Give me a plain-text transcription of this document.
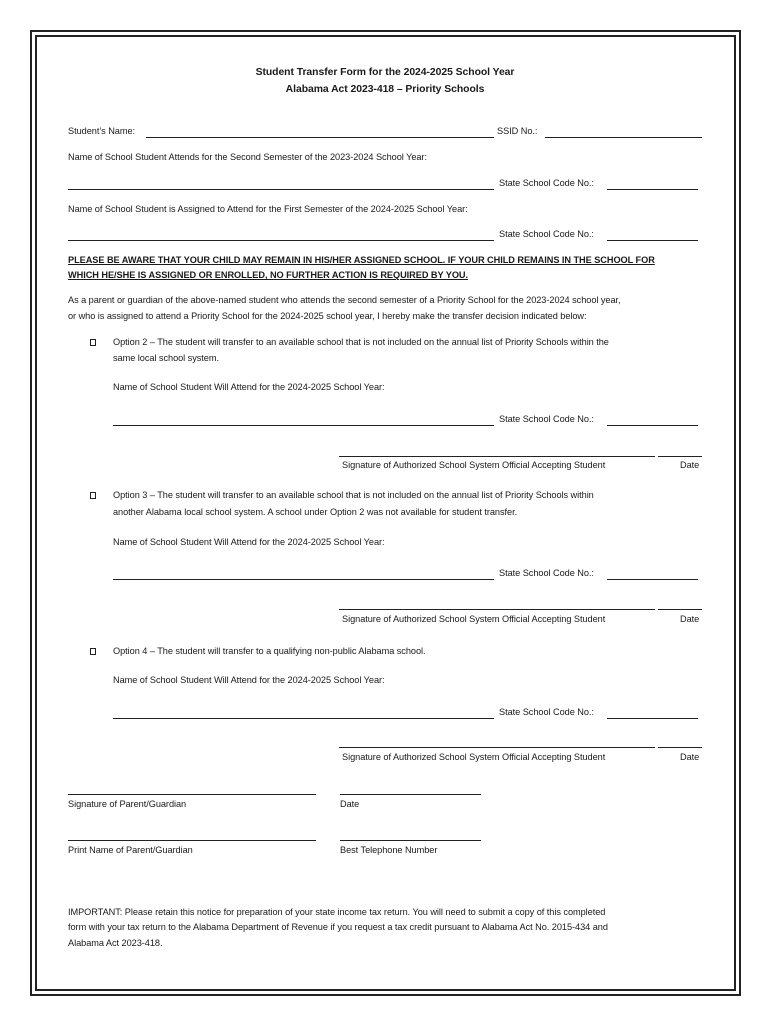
Student Transfer Form for the 2024-2025 School Year
Alabama Act 2023-418 – Priority Schools
Student’s Name:	SSID No.:
Name of School Student Attends for the Second Semester of the 2023-2024 School Year:
State School Code No.:
Name of School Student is Assigned to Attend for the First Semester of the 2024-2025 School Year:
State School Code No.:
PLEASE BE AWARE THAT YOUR CHILD MAY REMAIN IN HIS/HER ASSIGNED SCHOOL. IF YOUR CHILD REMAINS IN THE SCHOOL FOR
WHICH HE/SHE IS ASSIGNED OR ENROLLED, NO FURTHER ACTION IS REQUIRED BY YOU.
As a parent or guardian of the above-named student who attends the second semester of a Priority School for the 2023-2024 school year,
or who is assigned to attend a Priority School for the 2024-2025 school year, I hereby make the transfer decision indicated below:
Option 2 – The student will transfer to an available school that is not included on the annual list of Priority Schools within the
same local school system.
Name of School Student Will Attend for the 2024-2025 School Year:
State School Code No.:
Signature of Authorized School System Official Accepting Student	Date
Option 3 – The student will transfer to an available school that is not included on the annual list of Priority Schools within
another Alabama local school system. A school under Option 2 was not available for student transfer.
Name of School Student Will Attend for the 2024-2025 School Year:
State School Code No.:
Signature of Authorized School System Official Accepting Student	Date
Option 4 – The student will transfer to a qualifying non-public Alabama school.
Name of School Student Will Attend for the 2024-2025 School Year:
State School Code No.:
Signature of Authorized School System Official Accepting Student	Date
Signature of Parent/Guardian	Date
Print Name of Parent/Guardian	Best Telephone Number
IMPORTANT: Please retain this notice for preparation of your state income tax return. You will need to submit a copy of this completed
form with your tax return to the Alabama Department of Revenue if you request a tax credit pursuant to Alabama Act No. 2015-434 and
Alabama Act 2023-418.
